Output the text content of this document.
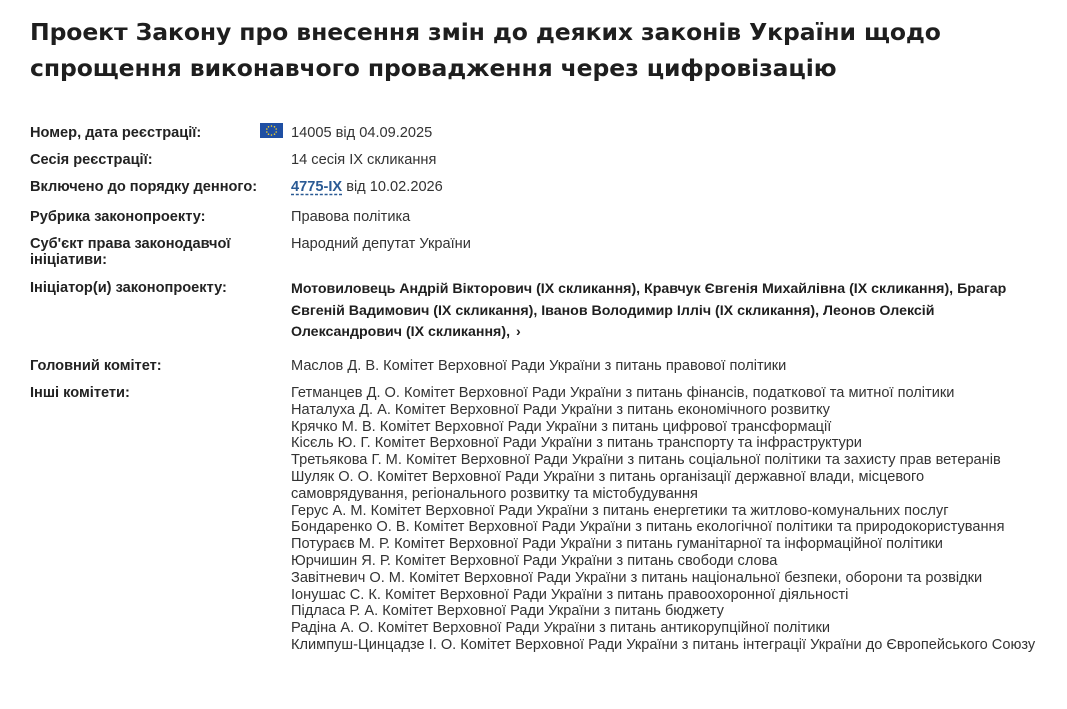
Проект Закону про внесення змін до деяких законів України щодо спрощення виконавчого провадження через цифровізацію
Номер, дата реєстрації:	14005 від 04.09.2025
Сесія реєстрації:	14 сесія IX скликання
Включено до порядку денного: 4775-IX від 10.02.2026
Рубрика законопроекту:	Правова політика
Суб'єкт права законодавчої ініціативи:
Народний депутат України
Ініціатор(и) законопроекту:	Мотовиловець Андрій Вікторович (IX скликання), Кравчук Євгенія Михайлівна (IX скликання), Брагар Євгеній Вадимович (IX скликання), Іванов Володимир Ілліч (IX скликання), Леонов Олексій Олександрович (IX скликання), ›
Головний комітет:	Маслов Д. В. Комітет Верховної Ради України з питань правової політики
Інші комітети:	Гетманцев Д. О. Комітет Верховної Ради України з питань фінансів, податкової та митної політики
Наталуха Д. А. Комітет Верховної Ради України з питань економічного розвитку
Крячко М. В. Комітет Верховної Ради України з питань цифрової трансформації
Кісєль Ю. Г. Комітет Верховної Ради України з питань транспорту та інфраструктури
Третьякова Г. М. Комітет Верховної Ради України з питань соціальної політики та захисту прав ветеранів
Шуляк О. О. Комітет Верховної Ради України з питань організації державної влади, місцевого самоврядування, регіонального розвитку та містобудування
Герус А. М. Комітет Верховної Ради України з питань енергетики та житлово-комунальних послуг
Бондаренко О. В. Комітет Верховної Ради України з питань екологічної політики та природокористування
Потураєв М. Р. Комітет Верховної Ради України з питань гуманітарної та інформаційної політики
Юрчишин Я. Р. Комітет Верховної Ради України з питань свободи слова
Завітневич О. М. Комітет Верховної Ради України з питань національної безпеки, оборони та розвідки
Іонушас С. К. Комітет Верховної Ради України з питань правоохоронної діяльності
Підласа Р. А. Комітет Верховної Ради України з питань бюджету
Радіна А. О. Комітет Верховної Ради України з питань антикорупційної політики
Климпуш-Цинцадзе І. О. Комітет Верховної Ради України з питань інтеграції України до Європейського Союзу
